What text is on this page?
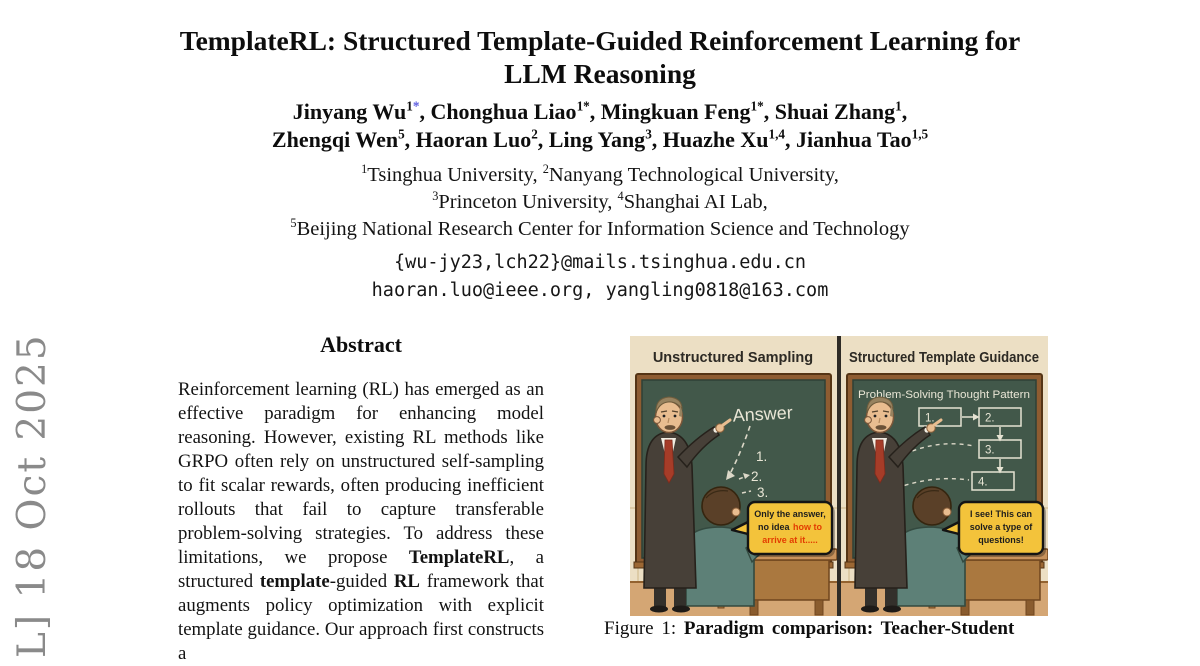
L] 18 Oct 2025
TemplateRL: Structured Template-Guided Reinforcement Learning for
LLM Reasoning
Jinyang $Wu^{1*}$, Chonghua Liao$^{1*}$, Mingkuan Feng$^{1*}$, Shuai Zhang$^1$,
Zhengqi Wen$^5$, Haoran Luo$^2$, Ling Yang$^3$, Huazhe Xu$^{1,4}$, Jianhua Tao$^{1,5}$
$^1$Tsinghua University, $^2$Nanyang Technological University,
$^3$Princeton University, $^4$Shanghai AI Lab,
$^5$Beijing National Research Center for Information Science and Technology
{wu-jy23,lch22}@mails.tsinghua.edu.cn
haoran.luo@ieee.org, yangling0818@163.com
Abstract

Reinforcement learning (RL) has emerged as an effective paradigm for enhancing model reasoning. However, existing RL methods like GRPO often rely on unstructured self-sampling to fit scalar rewards, often producing inefficient rollouts that fail to capture transferable problem-solving strategies. To address these limitations, we propose TemplateRL, a structured template-guided RL framework that augments policy optimization with explicit template guidance. Our approach first constructs a

Answer
1.
2.
3.
Only the answer,
no idea how to
arrive at it.....
Unstructured Sampling
Problem-Solving Thought Pattern
1.	2.
3.
4.
I see! This can
solve a type of
questions!
Structured Template Guidance
Figure 1: Paradigm comparison: Teacher-Student
